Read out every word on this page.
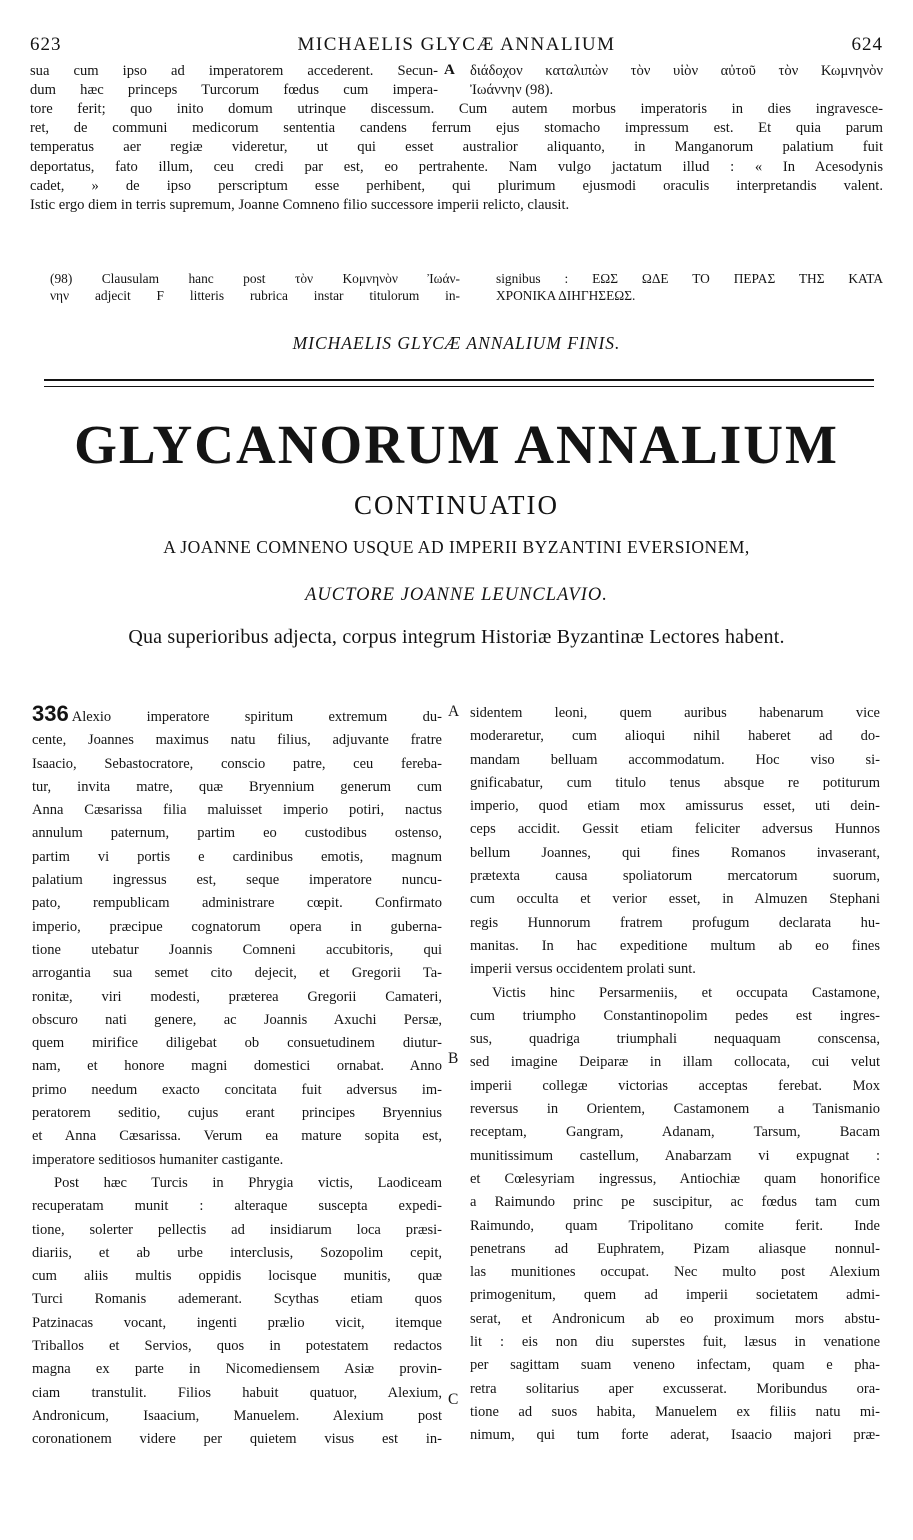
623	MICHAELIS GLYCÆ ANNALIUM	624
sua cum ipso ad imperatorem accederent. Secun-
dum hæc princeps Turcorum fœdus cum impera-
A διάδοχον καταλιπὼν τὸν υἱὸν αὐτοῦ τὸν Κωμνηνὸν
Ἰωάννην (98).
tore ferit; quo inito domum utrinque discessum. Cum autem morbus imperatoris in dies ingravesce-
ret, de communi medicorum sententia candens ferrum ejus stomacho impressum est. Et quia parum
temperatus aer regiæ videretur, ut qui esset australior aliquanto, in Manganorum palatium fuit
deportatus, fato illum, ceu credi par est, eo pertrahente. Nam vulgo jactatum illud : « In Acesodynis
cadet, » de ipso perscriptum esse perhibent, qui plurimum ejusmodi oraculis interpretandis valent.
Istic ergo diem in terris supremum, Joanne Comneno filio successore imperii relicto, clausit.
(98) Clausulam hanc post τὸν Κομνηνὸν Ἰωάν-
νην adjecit F litteris rubrica instar titulorum in-
signibus : ΕΩΣ ΩΔΕ ΤΟ ΠΕΡΑΣ ΤΗΣ ΚΑΤΑ
ΧΡΟΝΙΚΑ ΔΙΗΓΗΣΕΩΣ.
MICHAELIS GLYCÆ ANNALIUM FINIS.
GLYCANORUM ANNALIUM
CONTINUATIO
A JOANNE COMNENO USQUE AD IMPERII BYZANTINI EVERSIONEM,
AUCTORE JOANNE LEUNCLAVIO.
Qua superioribus adjecta, corpus integrum Historiæ Byzantinæ Lectores habent.
336 Alexio imperatore spiritum extremum du-
cente, Joannes maximus natu filius, adjuvante fratre
Isaacio, Sebastocratore, conscio patre, ceu fereba-
tur, invita matre, quæ Bryennium generum cum
Anna Cæsarissa filia maluisset imperio potiri, nactus
annulum paternum, partim eo custodibus ostenso,
partim vi portis e cardinibus emotis, magnum
palatium ingressus est, seque imperatore nuncu-
pato, rempublicam administrare cœpit. Confirmato
imperio, præcipue cognatorum opera in guberna-
tione utebatur Joannis Comneni accubitoris, qui
arrogantia sua semet cito dejecit, et Gregorii Ta-
ronitæ, viri modesti, præterea Gregorii Camateri,
obscuro nati genere, ac Joannis Axuchi Persæ,
quem mirifice diligebat ob consuetudinem diutur-
nam, et honore magni domestici ornabat. Anno
primo needum exacto concitata fuit adversus im-
peratorem seditio, cujus erant principes Bryennius
et Anna Cæsarissa. Verum ea mature sopita est,
imperatore seditiosos humaniter castigante.
Post hæc Turcis in Phrygia victis, Laodiceam
recuperatam munit : alteraque suscepta expedi-
tione, solerter pellectis ad insidiarum loca præsi-
diariis, et ab urbe interclusis, Sozopolim cepit,
cum aliis multis oppidis locisque munitis, quæ
Turci Romanis ademerant. Scythas etiam quos
Patzinacas vocant, ingenti prælio vicit, itemque
Triballos et Servios, quos in potestatem redactos
magna ex parte in Nicomediensem Asiæ provin-
ciam transtulit. Filios habuit quatuor, Alexium,
Andronicum, Isaacium, Manuelem. Alexium post
coronationem videre per quietem visus est in-
A
B
C
sidentem leoni, quem auribus habenarum vice
moderaretur, cum alioqui nihil haberet ad do-
mandam belluam accommodatum. Hoc viso si-
gnificabatur, cum titulo tenus absque re potiturum
imperio, quod etiam mox amissurus esset, uti dein-
ceps accidit. Gessit etiam feliciter adversus Hunnos
bellum Joannes, qui fines Romanos invaserant,
prætexta causa spoliatorum mercatorum suorum,
cum occulta et verior esset, in Almuzen Stephani
regis Hunnorum fratrem profugum declarata hu-
manitas. In hac expeditione multum ab eo fines
imperii versus occidentem prolati sunt.
Victis hinc Persarmeniis, et occupata Castamone,
cum triumpho Constantinopolim pedes est ingres-
sus, quadriga triumphali nequaquam conscensa,
sed imagine Deiparæ in illam collocata, cui velut
imperii collegæ victorias acceptas ferebat. Mox
reversus in Orientem, Castamonem a Tanismanio
receptam, Gangram, Adanam, Tarsum, Bacam
munitissimum castellum, Anabarzam vi expugnat :
et Cœlesyriam ingressus, Antiochiæ quam honorifice
a Raimundo princ pe suscipitur, ac fœdus tam cum
Raimundo, quam Tripolitano comite ferit. Inde
penetrans ad Euphratem, Pizam aliasque nonnul-
las munitiones occupat. Nec multo post Alexium
primogenitum, quem ad imperii societatem admi-
serat, et Andronicum ab eo proximum mors abstu-
lit : eis non diu superstes fuit, læsus in venatione
per sagittam suam veneno infectam, quam e pha-
retra solitarius aper excusserat. Moribundus ora-
tione ad suos habita, Manuelem ex filiis natu mi-
nimum, qui tum forte aderat, Isaacio majori præ-
